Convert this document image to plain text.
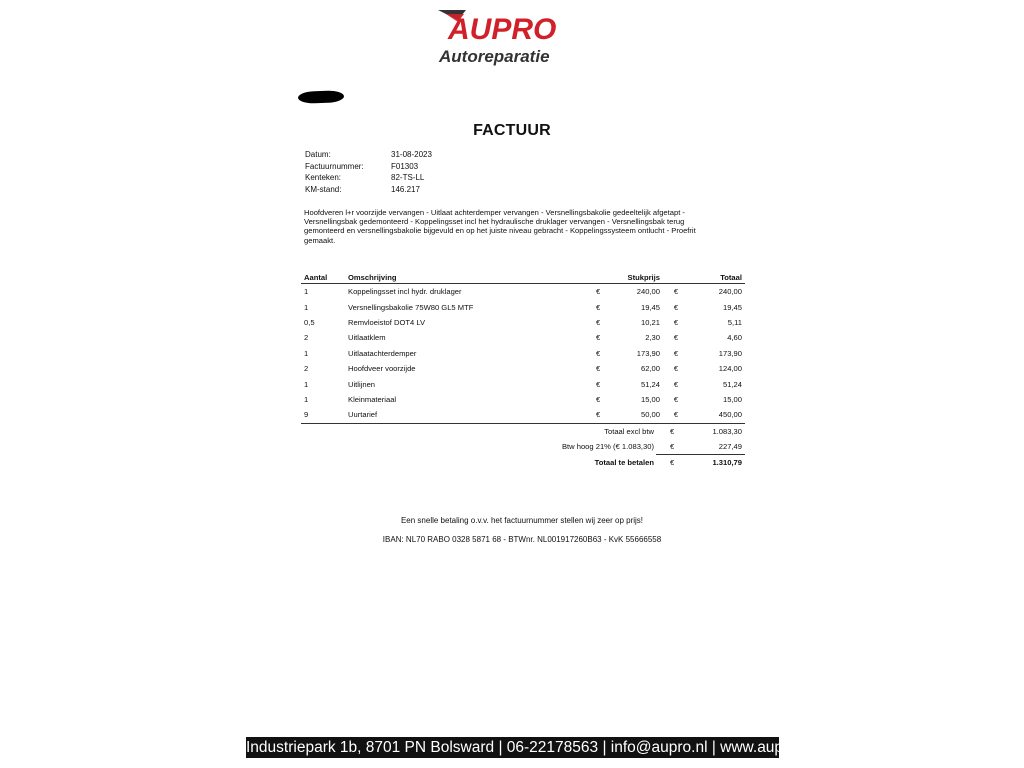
AUPRO
Autoreparatie
FACTUUR
Datum:	31-08-2023
Factuurnummer:	F01303
Kenteken:	82-TS-LL
KM-stand:	146.217
Hoofdveren l+r voorzijde vervangen - Uitlaat achterdemper vervangen - Versnellingsbakolie gedeeltelijk afgetapt - Versnellingsbak gedemonteerd - Koppelingsset incl het hydraulische druklager vervangen - Versnellingsbak terug gemonteerd en versnellingsbakolie bijgevuld en op het juiste niveau gebracht - Koppelingssysteem ontlucht - Proefrit gemaakt.
Aantal	Omschrijving		Stukprijs		Totaal
1	Koppelingsset incl hydr. druklager	€	240,00	€	240,00
1	Versnellingsbakolie 75W80 GL5 MTF	€	19,45	€	19,45
0,5	Remvloeistof DOT4 LV	€	10,21	€	5,11
2	Uitlaatklem	€	2,30	€	4,60
1	Uitlaatachterdemper	€	173,90	€	173,90
2	Hoofdveer voorzijde	€	62,00	€	124,00
1	Uitlijnen	€	51,24	€	51,24
1	Kleinmateriaal	€	15,00	€	15,00
9	Uurtarief	€	50,00	€	450,00
Totaal excl btw €	1.083,30
Btw hoog 21% (€ 1.083,30) €	227,49
Totaal te betalen €	1.310,79
Een snelle betaling o.v.v. het factuurnummer stellen wij zeer op prijs!
IBAN: NL70 RABO 0328 5871 68 - BTWnr. NL001917260B63 - KvK 55666558
Industriepark 1b, 8701 PN Bolsward | 06-22178563 | info@aupro.nl | www.aupro.nl
